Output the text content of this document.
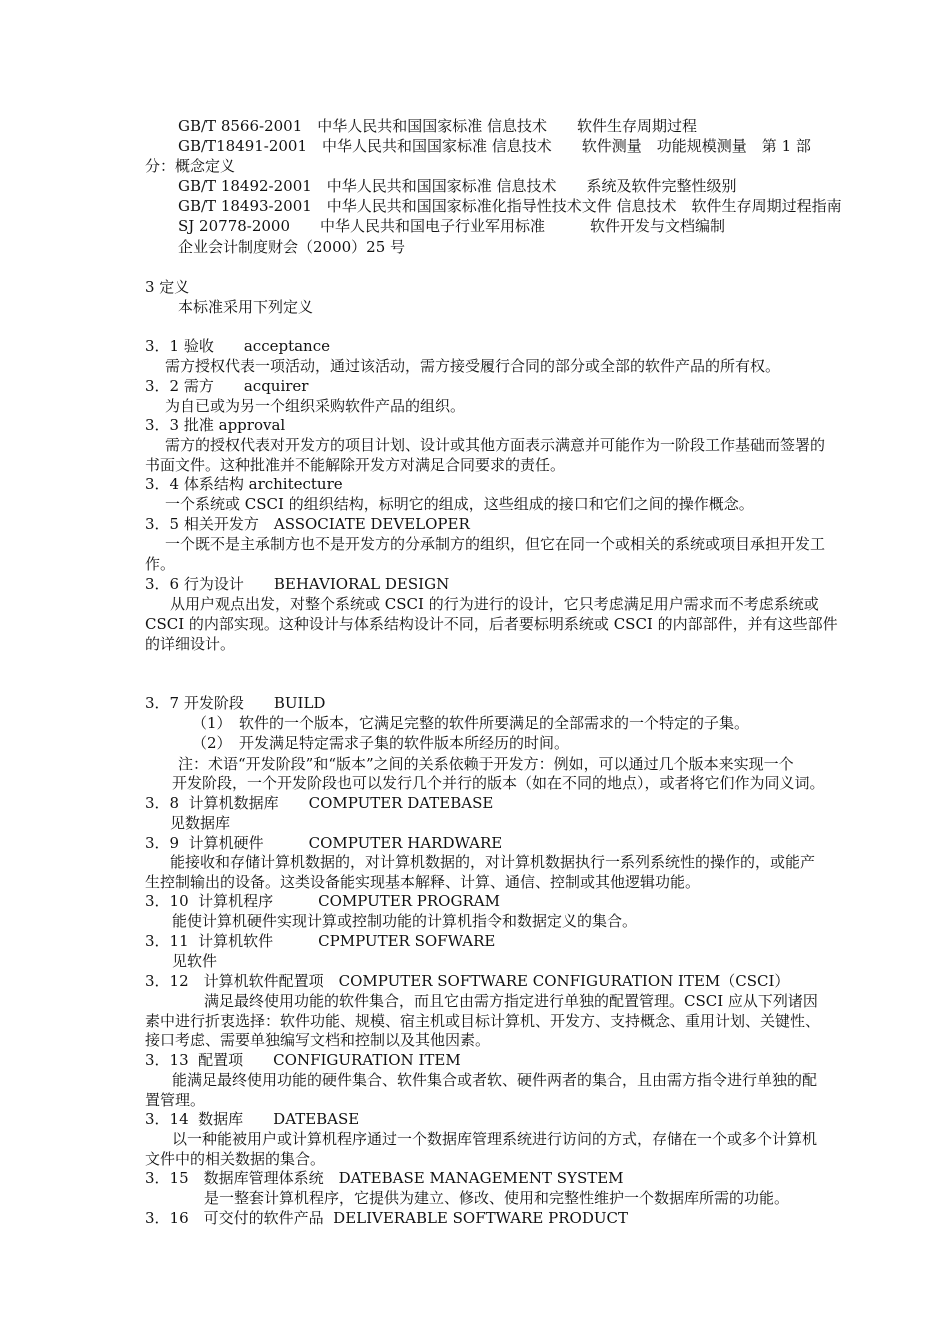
GB/T 8566-2001　中华人民共和国国家标准 信息技术　　软件生存周期过程
GB/T18491-2001　中华人民共和国国家标准 信息技术　　软件测量　功能规模测量　第 1 部
分：概念定义
GB/T 18492-2001　中华人民共和国国家标准 信息技术　　系统及软件完整性级别
GB/T 18493-2001　中华人民共和国国家标准化指导性技术文件 信息技术　软件生存周期过程指南
SJ 20778-2000　　中华人民共和国电子行业军用标准　　　软件开发与文档编制
企业会计制度财会（2000）25 号
3 定义
本标准采用下列定义
3．1 验收　　acceptance
需方授权代表一项活动，通过该活动，需方接受履行合同的部分或全部的软件产品的所有权。
3．2 需方　　acquirer
为自已或为另一个组织采购软件产品的组织。
3．3 批准 approval
需方的授权代表对开发方的项目计划、设计或其他方面表示满意并可能作为一阶段工作基础而签署的
书面文件。这种批准并不能解除开发方对满足合同要求的责任。
3．4 体系结构 architecture
一个系统或 CSCI 的组织结构，标明它的组成，这些组成的接口和它们之间的操作概念。
3．5 相关开发方　ASSOCIATE DEVELOPER
一个既不是主承制方也不是开发方的分承制方的组织，但它在同一个或相关的系统或项目承担开发工
作。
3．6 行为设计　　BEHAVIORAL DESIGN
从用户观点出发，对整个系统或 CSCI 的行为进行的设计，它只考虑满足用户需求而不考虑系统或
CSCI 的内部实现。这种设计与体系结构设计不同，后者要标明系统或 CSCI 的内部部件，并有这些部件
的详细设计。
3．7 开发阶段　　BUILD
（1）　软件的一个版本，它满足完整的软件所要满足的全部需求的一个特定的子集。
（2）　开发满足特定需求子集的软件版本所经历的时间。
注：术语“开发阶段”和“版本”之间的关系依赖于开发方：例如，可以通过几个版本来实现一个
开发阶段，一个开发阶段也可以发行几个并行的版本（如在不同的地点），或者将它们作为同义词。
3．8  计算机数据库　　COMPUTER DATEBASE
见数据库
3．9  计算机硬件　　　COMPUTER HARDWARE
能接收和存储计算机数据的，对计算机数据的，对计算机数据执行一系列系统性的操作的，或能产
生控制输出的设备。这类设备能实现基本解释、计算、通信、控制或其他逻辑功能。
3．10  计算机程序　　　COMPUTER PROGRAM
能使计算机硬件实现计算或控制功能的计算机指令和数据定义的集合。
3．11  计算机软件　　　CPMPUTER SOFWARE
见软件
3．12　计算机软件配置项　COMPUTER SOFTWARE CONFIGURATION ITEM（CSCI）
满足最终使用功能的软件集合，而且它由需方指定进行单独的配置管理。CSCI 应从下列诸因
素中进行折衷选择：软件功能、规模、宿主机或目标计算机、开发方、支持概念、重用计划、关键性、
接口考虑、需要单独编写文档和控制以及其他因素。
3．13  配置项　　CONFIGURATION ITEM
能满足最终使用功能的硬件集合、软件集合或者软、硬件两者的集合，且由需方指令进行单独的配
置管理。
3．14  数据库　　DATEBASE
以一种能被用户或计算机程序通过一个数据库管理系统进行访问的方式，存储在一个或多个计算机
文件中的相关数据的集合。
3．15　数据库管理体系统　DATEBASE MANAGEMENT SYSTEM
是一整套计算机程序，它提供为建立、修改、使用和完整性维护一个数据库所需的功能。
3．16　可交付的软件产品  DELIVERABLE SOFTWARE PRODUCT
